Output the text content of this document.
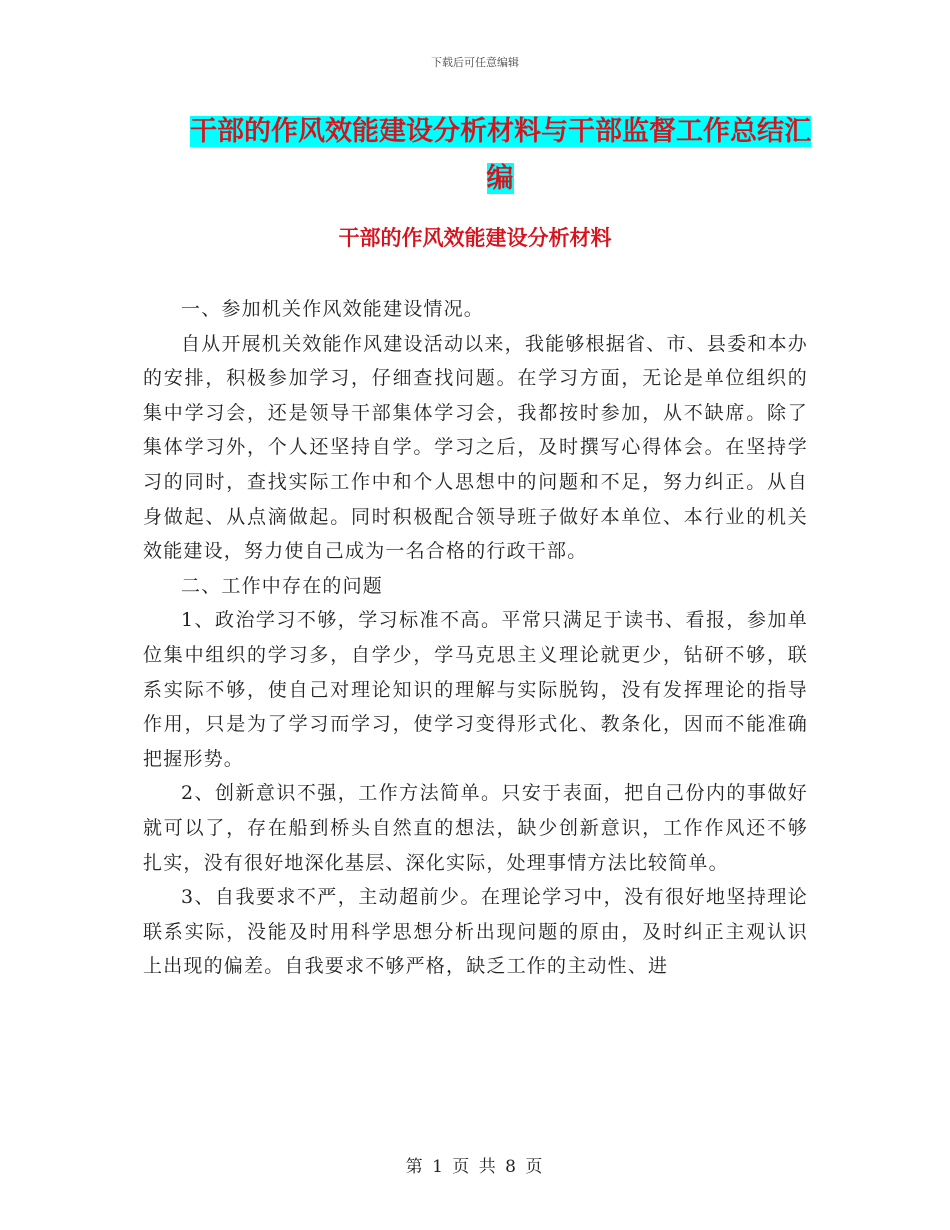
下载后可任意编辑
干部的作风效能建设分析材料与干部监督工作总结汇
编
干部的作风效能建设分析材料

一、参加机关作风效能建设情况。

自从开展机关效能作风建设活动以来，我能够根据省、市、县委和本办的安排，积极参加学习，仔细查找问题。在学习方面，无论是单位组织的集中学习会，还是领导干部集体学习会，我都按时参加，从不缺席。除了集体学习外，个人还坚持自学。学习之后，及时撰写心得体会。在坚持学习的同时，查找实际工作中和个人思想中的问题和不足，努力纠正。从自身做起、从点滴做起。同时积极配合领导班子做好本单位、本行业的机关效能建设，努力使自己成为一名合格的行政干部。

二、工作中存在的问题

1、政治学习不够，学习标准不高。平常只满足于读书、看报，参加单位集中组织的学习多，自学少，学马克思主义理论就更少，钻研不够，联系实际不够，使自己对理论知识的理解与实际脱钩，没有发挥理论的指导作用，只是为了学习而学习，使学习变得形式化、教条化，因而不能准确把握形势。

2、创新意识不强，工作方法简单。只安于表面，把自己份内的事做好就可以了，存在船到桥头自然直的想法，缺少创新意识，工作作风还不够扎实，没有很好地深化基层、深化实际，处理事情方法比较简单。

3、自我要求不严，主动超前少。在理论学习中，没有很好地坚持理论联系实际，没能及时用科学思想分析出现问题的原由，及时纠正主观认识上出现的偏差。自我要求不够严格，缺乏工作的主动性、进

第 1 页 共 8 页
